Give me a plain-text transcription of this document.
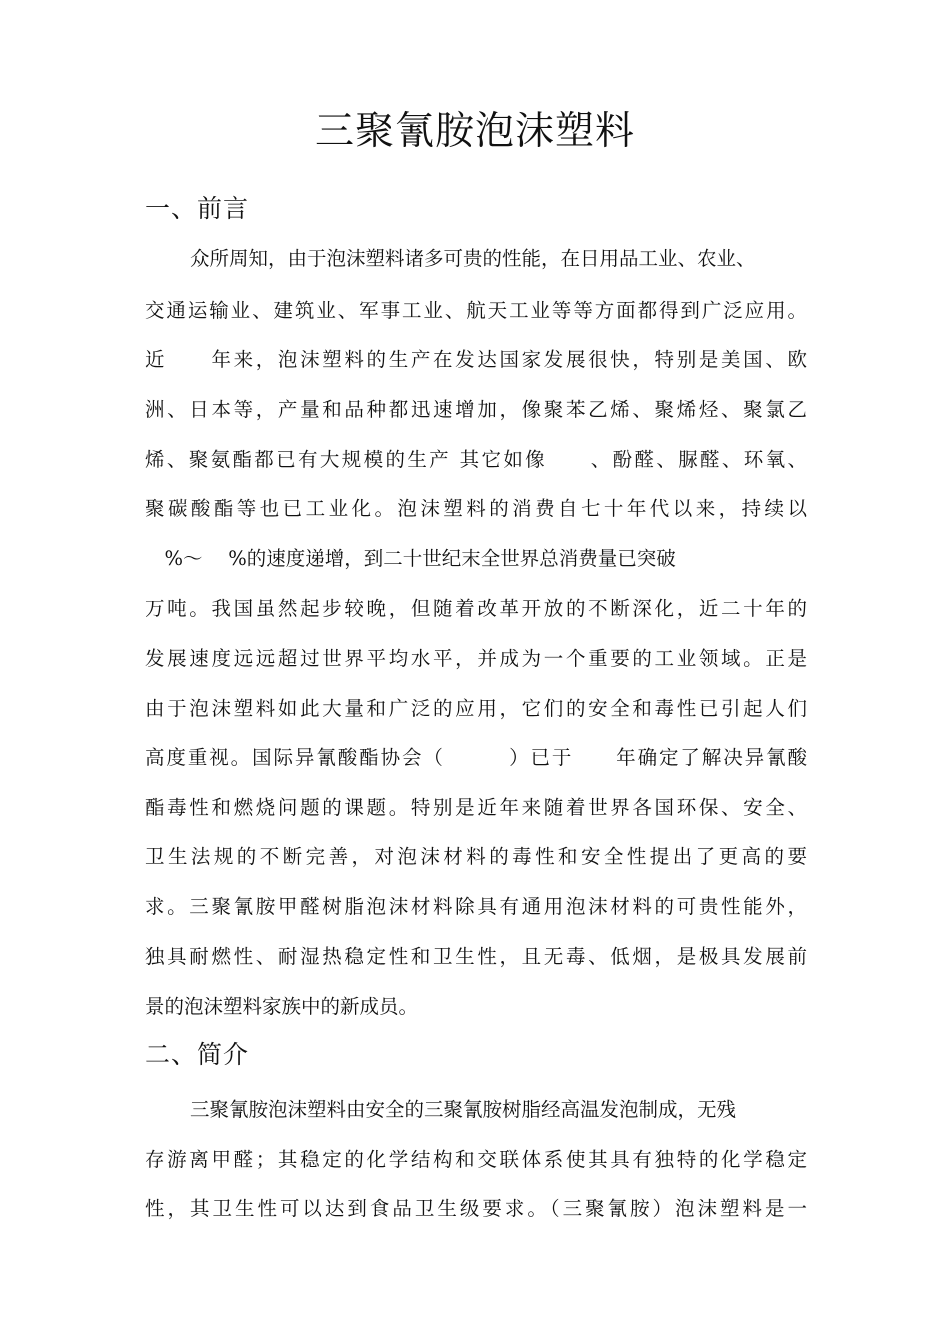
三聚氰胺泡沫塑料
一、前言
众所周知，由于泡沫塑料诸多可贵的性能，在日用品工业、农业、
交通运输业、建筑业、军事工业、航天工业等等方面都得到广泛应用。
近　　年来，泡沫塑料的生产在发达国家发展很快，特别是美国、欧
洲、日本等，产量和品种都迅速增加，像聚苯乙烯、聚烯烃、聚氯乙
烯、聚氨酯都已有大规模的生产 其它如像　　、酚醛、脲醛、环氧、
聚碳酸酯等也已工业化。泡沫塑料的消费自七十年代以来，持续以
　%～　 %的速度递增，到二十世纪末全世界总消费量已突破
万吨。我国虽然起步较晚，但随着改革开放的不断深化，近二十年的
发展速度远远超过世界平均水平，并成为一个重要的工业领域。正是
由于泡沫塑料如此大量和广泛的应用，它们的安全和毒性已引起人们
高度重视。国际异氰酸酯协会（　　　）已于　　年确定了解决异氰酸
酯毒性和燃烧问题的课题。特别是近年来随着世界各国环保、安全、
卫生法规的不断完善，对泡沫材料的毒性和安全性提出了更高的要
求。三聚氰胺甲醛树脂泡沫材料除具有通用泡沫材料的可贵性能外，
独具耐燃性、耐湿热稳定性和卫生性，且无毒、低烟，是极具发展前
景的泡沫塑料家族中的新成员。
二、简介
三聚氰胺泡沫塑料由安全的三聚氰胺树脂经高温发泡制成，无残
存游离甲醛；其稳定的化学结构和交联体系使其具有独特的化学稳定
性，其卫生性可以达到食品卫生级要求。（三聚氰胺）泡沫塑料是一
